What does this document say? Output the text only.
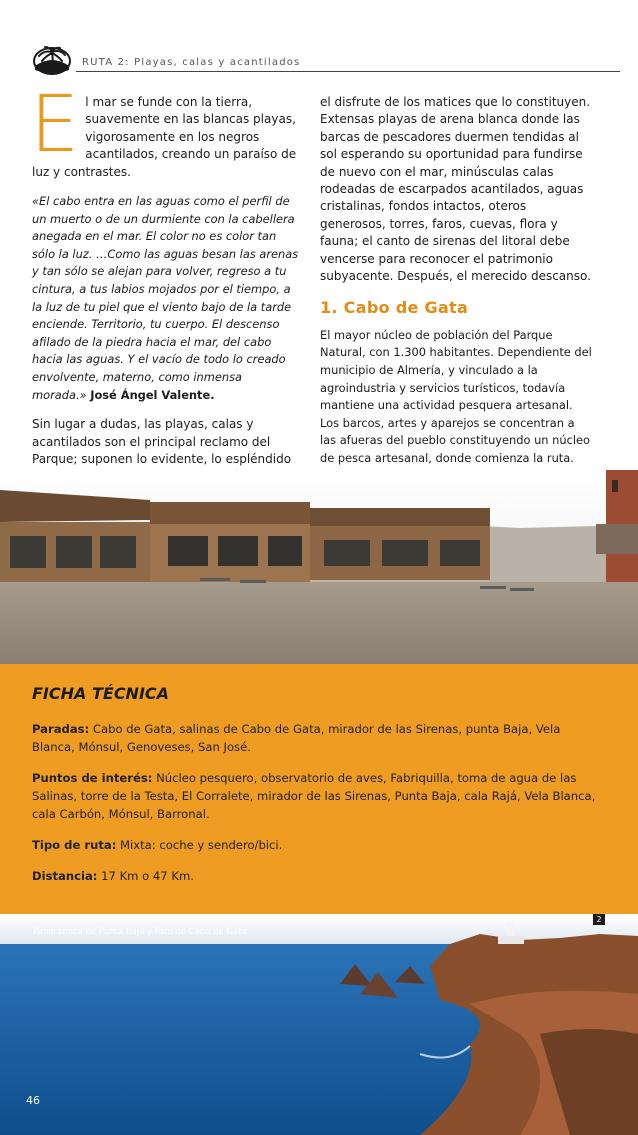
RUTA 2: Playas, calas y acantilados
E l mar se funde con la tierra, suavemente en las blancas playas, vigorosamente en los negros acantilados, creando un paraíso de luz y contrastes.

«El cabo entra en las aguas como el perfil de un muerto o de un durmiente con la cabellera anegada en el mar. El color no es color tan sólo la luz. …Como las aguas besan las arenas y tan sólo se alejan para volver, regreso a tu cintura, a tus labios mojados por el tiempo, a la luz de tu piel que el viento bajo de la tarde enciende. Territorio, tu cuerpo. El descenso afilado de la piedra hacia el mar, del cabo hacia las aguas. Y el vacío de todo lo creado envolvente, materno, como inmensa morada.» José Ángel Valente.

Sin lugar a dudas, las playas, calas y acantilados son el principal reclamo del Parque; suponen lo evidente, lo espléndido

el disfrute de los matices que lo constituyen. Extensas playas de arena blanca donde las barcas de pescadores duermen tendidas al sol esperando su oportunidad para fundirse de nuevo con el mar, minúsculas calas rodeadas de escarpados acantilados, aguas cristalinas, fondos intactos, oteros generosos, torres, faros, cuevas, flora y fauna; el canto de sirenas del litoral debe vencerse para reconocer el patrimonio subyacente. Después, el merecido descanso.

1. Cabo de Gata

El mayor núcleo de población del Parque Natural, con 1.300 habitantes. Dependiente del municipio de Almería, y vinculado a la agroindustria y servicios turísticos, todavía mantiene una actividad pesquera artesanal. Los barcos, artes y aparejos se concentran a las afueras del pueblo constituyendo un núcleo de pesca artesanal, donde comienza la ruta.

FICHA TÉCNICA

Paradas: Cabo de Gata, salinas de Cabo de Gata, mirador de las Sirenas, punta Baja, Vela Blanca, Mónsul, Genoveses, San José.

Puntos de interés: Núcleo pesquero, observatorio de aves, Fabriquilla, toma de agua de las Salinas, torre de la Testa, El Corralete, mirador de las Sirenas, Punta Baja, cala Rajá, Vela Blanca, cala Carbón, Mónsul, Barronal.

Tipo de ruta: Mixta: coche y sendero/bici.

Distancia: 17 Km o 47 Km.

Panorámica de Punta Baja y Faro de Cabo de Gata
2
46
